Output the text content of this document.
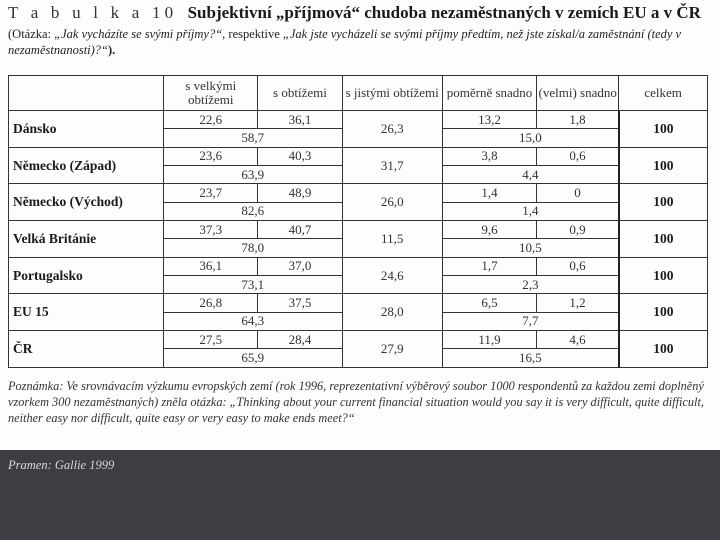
T a b u l k a 10 Subjektivní „příjmová“ chudoba nezaměstnaných v zemích EU a v ČR
(Otázka: „Jak vycházíte se svými příjmy?“, respektive „Jak jste vycházeli se svými příjmy předtím, než jste získal/a zaměstnání (tedy v nezaměstnanosti)?“).
	s velkými obtížemi	s obtížemi	s jistými obtížemi	poměrně snadno	(velmi) snadno	celkem
Dánsko	22,6	36,1	26,3	13,2	1,8	100
	58,7			15,0		
Německo (Západ)	23,6	40,3	31,7	3,8	0,6	100
	63,9			4,4		
Německo (Východ)	23,7	48,9	26,0	1,4	0	100
	82,6			1,4		
Velká Británie	37,3	40,7	11,5	9,6	0,9	100
	78,0			10,5		
Portugalsko	36,1	37,0	24,6	1,7	0,6	100
	73,1			2,3		
EU 15	26,8	37,5	28,0	6,5	1,2	100
	64,3			7,7		
ČR	27,5	28,4	27,9	11,9	4,6	100
	65,9			16,5		
Poznámka: Ve srovnávacím výzkumu evropských zemí (rok 1996, reprezentativní výběrový soubor 1000 respondentů za každou zemi doplněný vzorkem 300 nezaměstnaných) zněla otázka: „Thinking about your current financial situation would you say it is very difficult, quite difficult, neither easy nor difficult, quite easy or very easy to make ends meet?“
Pramen: Gallie 1999
